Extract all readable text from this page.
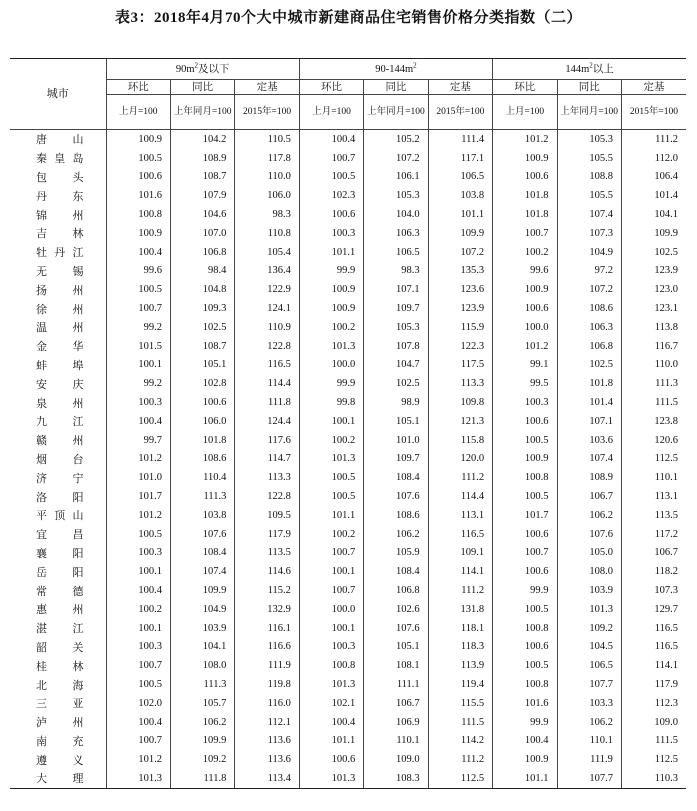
表3：2018年4月70个大中城市新建商品住宅销售价格分类指数（二）
城市	$90m^2$及以下			$90-144m^2$			$144m^2$以上		
	环比	同比	定基	环比	同比	定基	环比	同比	定基
	上月=100	上年同月=100	2015年=100	上月=100	上年同月=100	2015年=100	上月=100	上年同月=100	2015年=100
唐山	100.9	104.2	110.5	100.4	105.2	111.4	101.2	105.3	111.2
秦皇岛	100.5	108.9	117.8	100.7	107.2	117.1	100.9	105.5	112.0
包头	100.6	108.7	110.0	100.5	106.1	106.5	100.6	108.8	106.4
丹东	101.6	107.9	106.0	102.3	105.3	103.8	101.8	105.5	101.4
锦州	100.8	104.6	98.3	100.6	104.0	101.1	101.8	107.4	104.1
吉林	100.9	107.0	110.8	100.3	106.3	109.9	100.7	107.3	109.9
牡丹江	100.4	106.8	105.4	101.1	106.5	107.2	100.2	104.9	102.5
无锡	99.6	98.4	136.4	99.9	98.3	135.3	99.6	97.2	123.9
扬州	100.5	104.8	122.9	100.9	107.1	123.6	100.9	107.2	123.0
徐州	100.7	109.3	124.1	100.9	109.7	123.9	100.6	108.6	123.1
温州	99.2	102.5	110.9	100.2	105.3	115.9	100.0	106.3	113.8
金华	101.5	108.7	122.8	101.3	107.8	122.3	101.2	106.8	116.7
蚌埠	100.1	105.1	116.5	100.0	104.7	117.5	99.1	102.5	110.0
安庆	99.2	102.8	114.4	99.9	102.5	113.3	99.5	101.8	111.3
泉州	100.3	100.6	111.8	99.8	98.9	109.8	100.3	101.4	111.5
九江	100.4	106.0	124.4	100.1	105.1	121.3	100.6	107.1	123.8
赣州	99.7	101.8	117.6	100.2	101.0	115.8	100.5	103.6	120.6
烟台	101.2	108.6	114.7	101.3	109.7	120.0	100.9	107.4	112.5
济宁	101.0	110.4	113.3	100.5	108.4	111.2	100.8	108.9	110.1
洛阳	101.7	111.3	122.8	100.5	107.6	114.4	100.5	106.7	113.1
平顶山	101.2	103.8	109.5	101.1	108.6	113.1	101.7	106.2	113.5
宜昌	100.5	107.6	117.9	100.2	106.2	116.5	100.6	107.6	117.2
襄阳	100.3	108.4	113.5	100.7	105.9	109.1	100.7	105.0	106.7
岳阳	100.1	107.4	114.6	100.1	108.4	114.1	100.6	108.0	118.2
常德	100.4	109.9	115.2	100.7	106.8	111.2	99.9	103.9	107.3
惠州	100.2	104.9	132.9	100.0	102.6	131.8	100.5	101.3	129.7
湛江	100.1	103.9	116.1	100.1	107.6	118.1	100.8	109.2	116.5
韶关	100.3	104.1	116.6	100.3	105.1	118.3	100.6	104.5	116.5
桂林	100.7	108.0	111.9	100.8	108.1	113.9	100.5	106.5	114.1
北海	100.5	111.3	119.8	101.3	111.1	119.4	100.8	107.7	117.9
三亚	102.0	105.7	116.0	102.1	106.7	115.5	101.6	103.3	112.3
泸州	100.4	106.2	112.1	100.4	106.9	111.5	99.9	106.2	109.0
南充	100.7	109.9	113.6	101.1	110.1	114.2	100.4	110.1	111.5
遵义	101.2	109.2	113.6	100.6	109.0	111.2	100.9	111.9	112.5
大理	101.3	111.8	113.4	101.3	108.3	112.5	101.1	107.7	110.3
